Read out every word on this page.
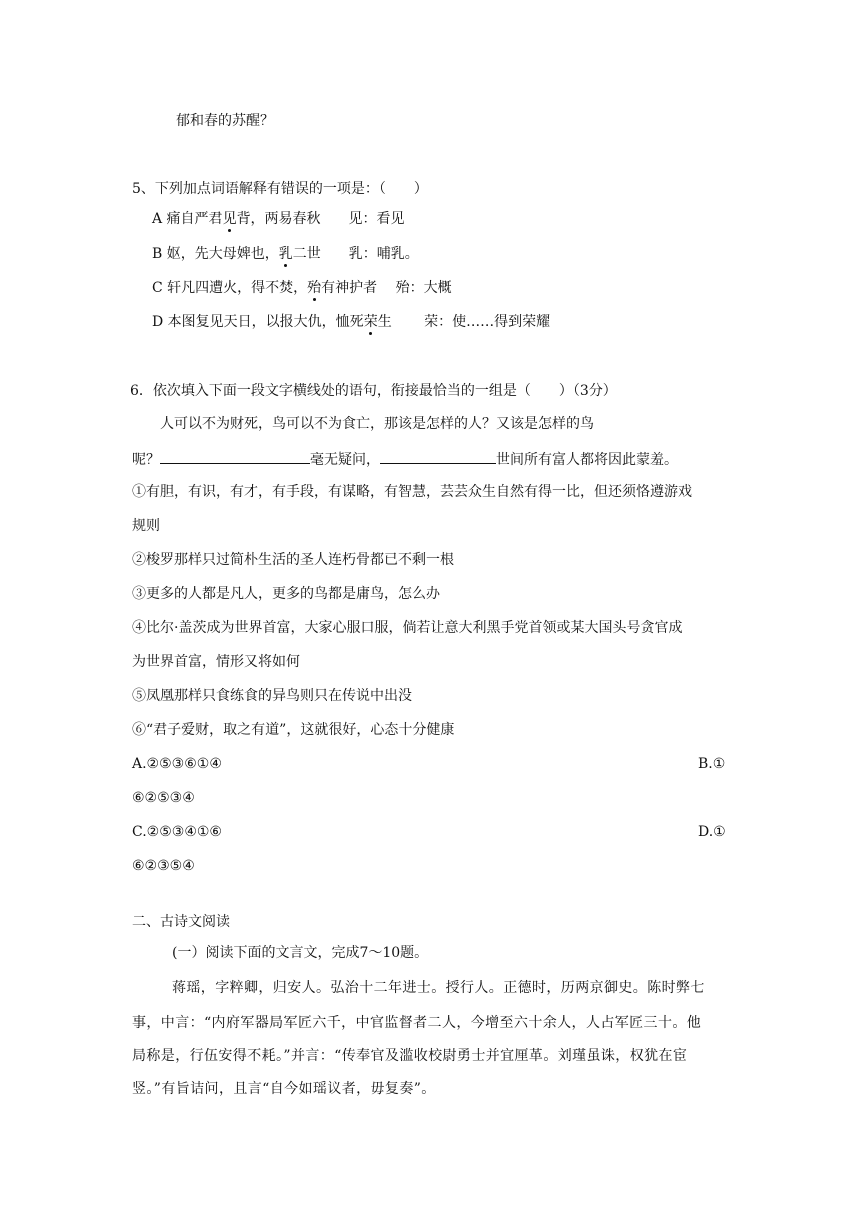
郁和春的苏醒？
5、下列加点词语解释有错误的一项是：（　　）
A 痛自严君见背，两易春秋　　见：看见
B 妪，先大母婢也，乳二世　　乳：哺乳。
C 轩凡四遭火，得不焚，殆有神护者　 殆：大概
D 本图复见天日，以报大仇，恤死荣生　　 荣：使……得到荣耀
6．依次填入下面一段文字横线处的语句，衔接最恰当的一组是（　　）（3分）
人可以不为财死，鸟可以不为食亡，那该是怎样的人？又该是怎样的鸟
呢？	毫无疑问，	世间所有富人都将因此蒙羞。
①有胆，有识，有才，有手段，有谋略，有智慧，芸芸众生自然有得一比，但还须恪遵游戏
规则
②梭罗那样只过简朴生活的圣人连朽骨都已不剩一根
③更多的人都是凡人，更多的鸟都是庸鸟，怎么办
④比尔·盖茨成为世界首富，大家心服口服，倘若让意大利黑手党首领或某大国头号贪官成
为世界首富，情形又将如何
⑤凤凰那样只食练食的异鸟则只在传说中出没
⑥“君子爱财，取之有道”，这就很好，心态十分健康
A.②⑤③⑥①④	B.①
⑥②⑤③④
C.②⑤③④①⑥	D.①
⑥②③⑤④
二、古诗文阅读
(一）阅读下面的文言文，完成7～10题。
蒋瑶，字粹卿，归安人。弘治十二年进士。授行人。正德时，历两京御史。陈时弊七
事，中言：“内府军器局军匠六千，中官监督者二人，今增至六十余人，人占军匠三十。他
局称是，行伍安得不耗。”并言：“传奉官及滥收校尉勇士并宜厘革。刘瑾虽诛，权犹在宦
竖。”有旨诘问，且言“自今如瑶议者，毋复奏”。
